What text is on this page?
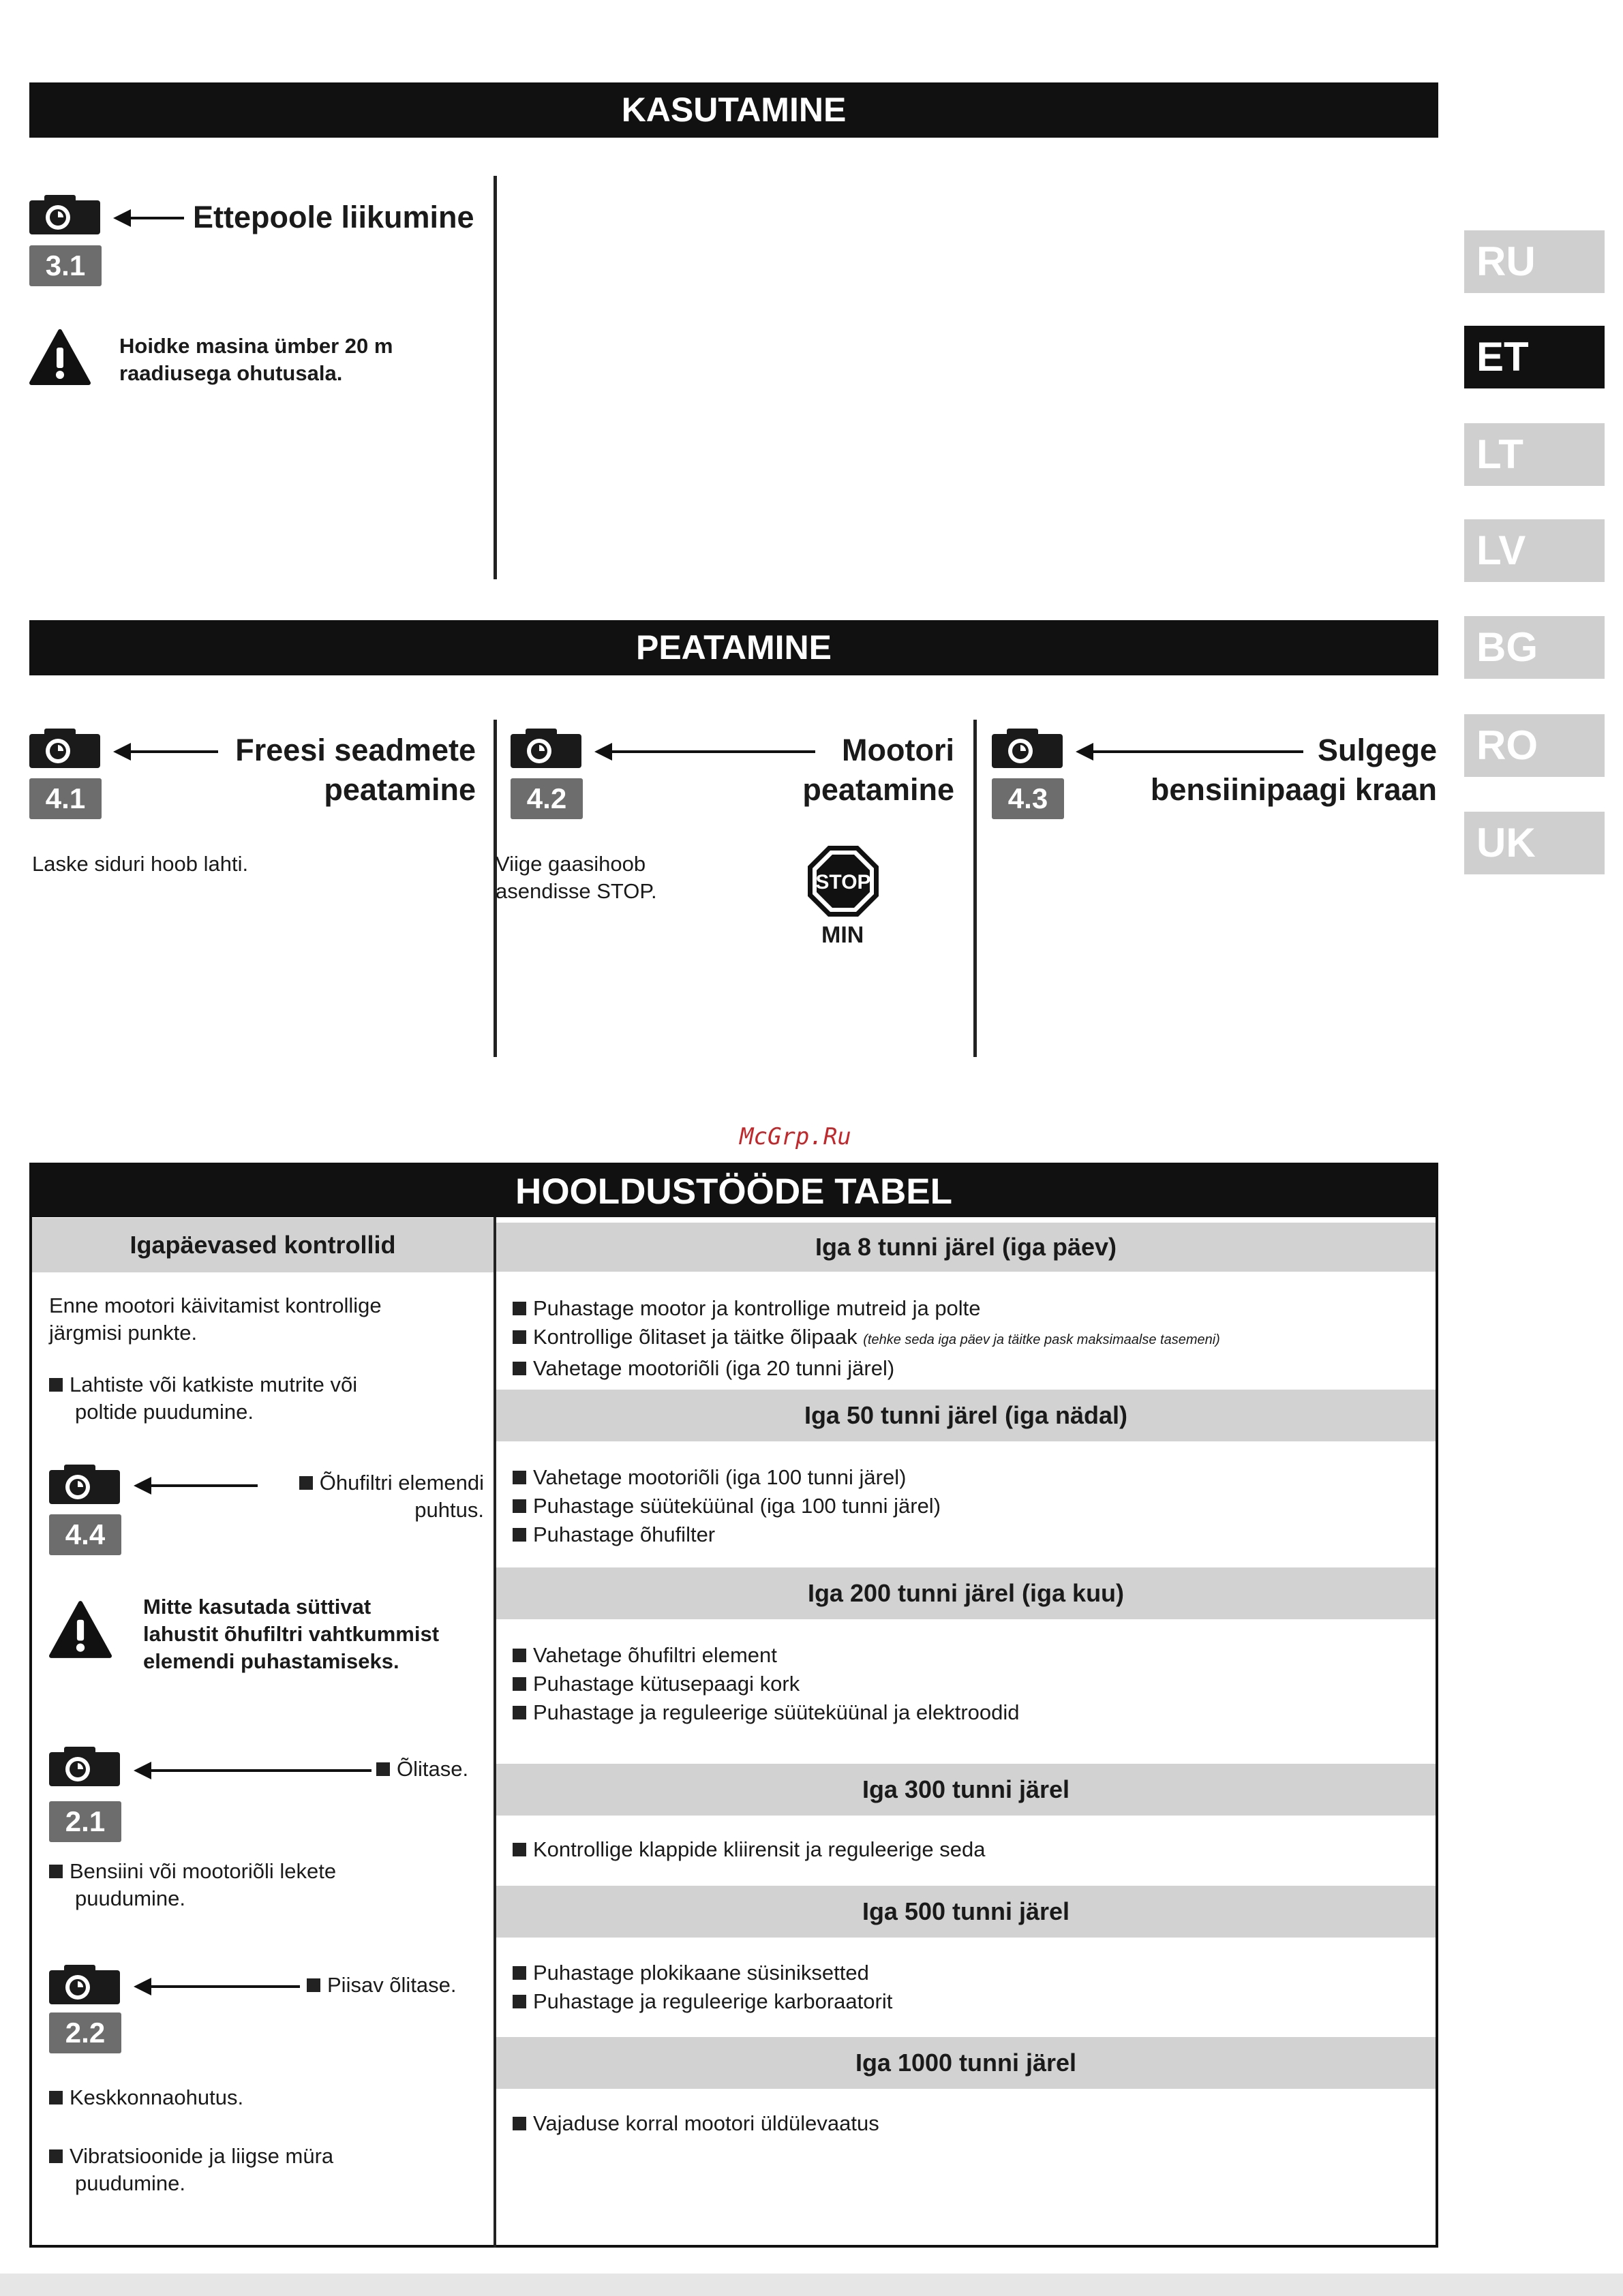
KASUTAMINE
Ettepoole liikumine
3.1
Hoidke masina ümber 20 m raadiusega ohutusala.
RU
ET
LT
LV
BG
RO
UK
PEATAMINE
Freesi seadmete
peatamine
4.1
Laske siduri hoob lahti.
Mootori
peatamine
4.2
Viige gaasihoob
asendisse STOP.	STOP
MIN
Sulgege
bensiinipaagi kraan
4.3
McGrp.Ru
HOOLDUSTÖÖDE TABEL
Igapäevased kontrollid
Enne mootori käivitamist kontrollige
järgmisi punkte.
Lahtiste või katkiste mutrite või
poltide puudumine.
Õhufiltri elemendi
puhtus.
4.4
Mitte kasutada süttivat
lahustit õhufiltri vahtkummist
elemendi puhastamiseks.
Õlitase.
2.1
Bensiini või mootoriõli lekete
puudumine.
Piisav õlitase.
2.2
Keskkonnaohutus.
Vibratsioonide ja liigse müra
puudumine.
Iga 8 tunni järel (iga päev)
Puhastage mootor ja kontrollige mutreid ja polte
Kontrollige õlitaset ja täitke õlipaak (tehke seda iga päev ja täitke pask maksimaalse tasemeni)
Vahetage mootoriõli (iga 20 tunni järel)
Iga 50 tunni järel (iga nädal)
Vahetage mootoriõli (iga 100 tunni järel)
Puhastage süüteküünal (iga 100 tunni järel)
Puhastage õhufilter
Iga 200 tunni järel (iga kuu)
Vahetage õhufiltri element
Puhastage kütusepaagi kork
Puhastage ja reguleerige süüteküünal ja elektroodid
Iga 300 tunni järel
Kontrollige klappide kliirensit ja reguleerige seda
Iga 500 tunni järel
Puhastage plokikaane süsiniksetted
Puhastage ja reguleerige karboraatorit
Iga 1000 tunni järel
Vajaduse korral mootori üldülevaatus
